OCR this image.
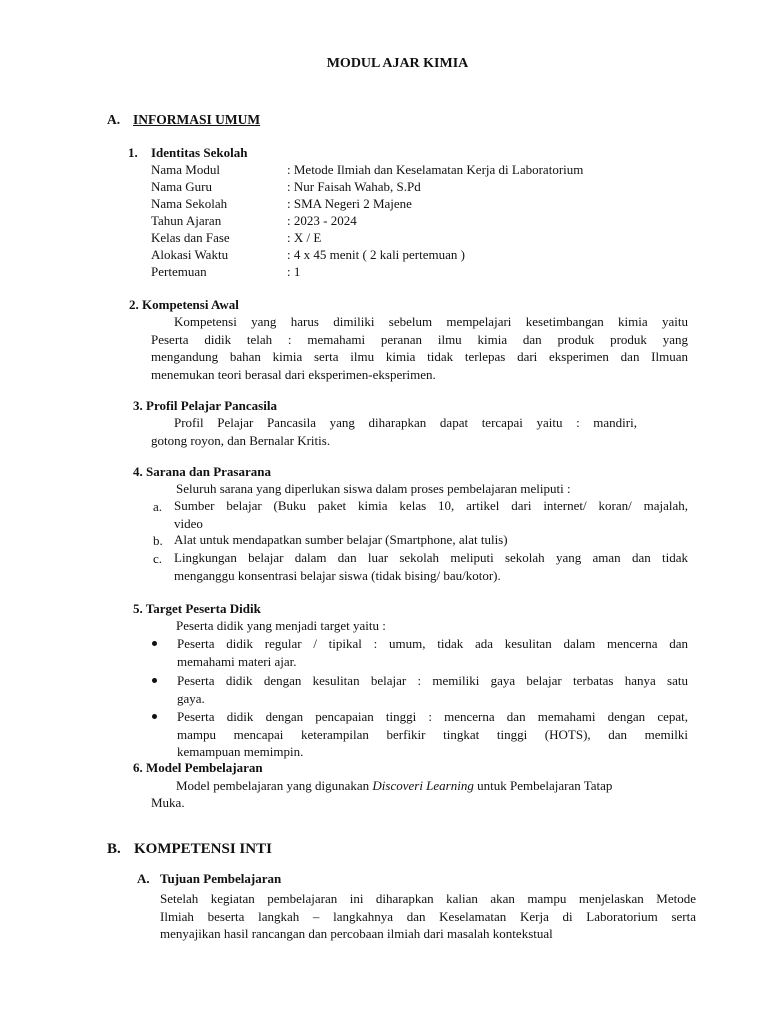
MODUL AJAR KIMIA
A. INFORMASI UMUM
1. Identitas Sekolah
Nama Modul	: Metode Ilmiah dan Keselamatan Kerja di Laboratorium
Nama Guru	: Nur Faisah Wahab, S.Pd
Nama Sekolah	: SMA Negeri 2 Majene
Tahun Ajaran	: 2023 - 2024
Kelas dan Fase	: X / E
Alokasi Waktu	: 4 x 45 menit ( 2 kali pertemuan )
Pertemuan	: 1
2. Kompetensi Awal
Kompetensi yang harus dimiliki sebelum mempelajari kesetimbangan kimia yaitu
Peserta didik telah : memahami peranan ilmu kimia dan produk produk yang
mengandung bahan kimia serta ilmu kimia tidak terlepas dari eksperimen dan Ilmuan
menemukan teori berasal dari eksperimen-eksperimen.
3. Profil Pelajar Pancasila
Profil Pelajar Pancasila yang diharapkan dapat tercapai yaitu : mandiri,
gotong royon, dan Bernalar Kritis.
4. Sarana dan Prasarana
Seluruh sarana yang diperlukan siswa dalam proses pembelajaran meliputi :
a. Sumber belajar (Buku paket kimia kelas 10, artikel dari internet/ koran/ majalah,
video
b. Alat untuk mendapatkan sumber belajar (Smartphone, alat tulis)
c. Lingkungan belajar dalam dan luar sekolah meliputi sekolah yang aman dan tidak
menganggu konsentrasi belajar siswa (tidak bising/ bau/kotor).
5. Target Peserta Didik
Peserta didik yang menjadi target yaitu :
Peserta didik regular / tipikal : umum, tidak ada kesulitan dalam mencerna dan
memahami materi ajar.
Peserta didik dengan kesulitan belajar : memiliki gaya belajar terbatas hanya satu
gaya.
Peserta didik dengan pencapaian tinggi : mencerna dan memahami dengan cepat,
mampu mencapai keterampilan berfikir tingkat tinggi (HOTS), dan memilki
kemampuan memimpin.
6. Model Pembelajaran
Model pembelajaran yang digunakan Discoveri Learning untuk Pembelajaran Tatap
Muka.
B. KOMPETENSI INTI
A. Tujuan Pembelajaran
Setelah kegiatan pembelajaran ini diharapkan kalian akan mampu menjelaskan Metode
Ilmiah beserta langkah – langkahnya dan Keselamatan Kerja di Laboratorium serta
menyajikan hasil rancangan dan percobaan ilmiah dari masalah kontekstual
